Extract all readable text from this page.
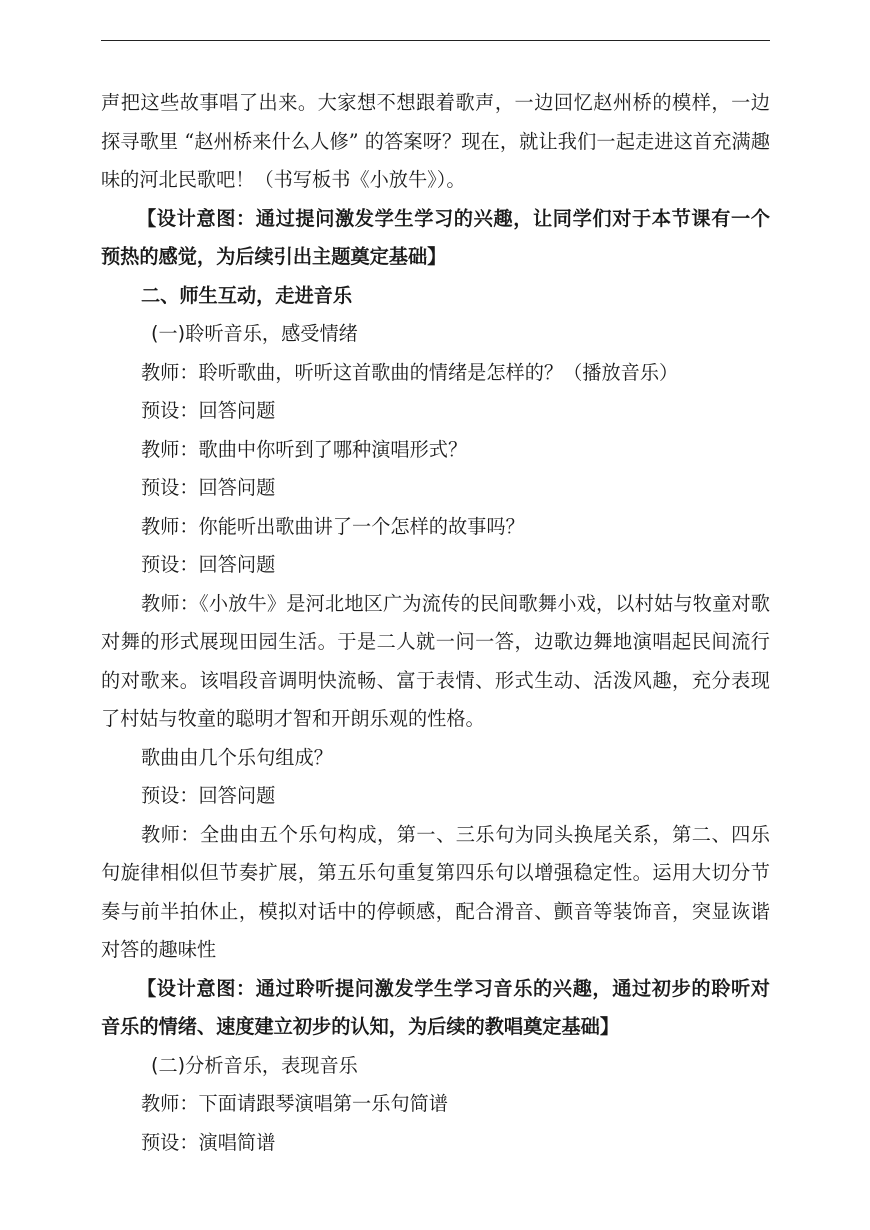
声把这些故事唱了出来。大家想不想跟着歌声，一边回忆赵州桥的模样，一边探寻歌里 “赵州桥来什么人修” 的答案呀？现在，就让我们一起走进这首充满趣味的河北民歌吧！（书写板书《小放牛》）。

【设计意图：通过提问激发学生学习的兴趣，让同学们对于本节课有一个预热的感觉，为后续引出主题奠定基础】

二、师生互动，走进音乐

(一)聆听音乐，感受情绪

教师：聆听歌曲，听听这首歌曲的情绪是怎样的？（播放音乐）

预设：回答问题

教师：歌曲中你听到了哪种演唱形式？

预设：回答问题

教师：你能听出歌曲讲了一个怎样的故事吗？

预设：回答问题

教师：《小放牛》是河北地区广为流传的民间歌舞小戏，以村姑与牧童对歌对舞的形式展现田园生活。于是二人就一问一答，边歌边舞地演唱起民间流行的对歌来。该唱段音调明快流畅、富于表情、形式生动、活泼风趣，充分表现了村姑与牧童的聪明才智和开朗乐观的性格。

歌曲由几个乐句组成？

预设：回答问题

教师：全曲由五个乐句构成，第一、三乐句为同头换尾关系，第二、四乐句旋律相似但节奏扩展，第五乐句重复第四乐句以增强稳定性。运用大切分节奏与前半拍休止，模拟对话中的停顿感，配合滑音、颤音等装饰音，突显诙谐对答的趣味性

【设计意图：通过聆听提问激发学生学习音乐的兴趣，通过初步的聆听对音乐的情绪、速度建立初步的认知，为后续的教唱奠定基础】

(二)分析音乐，表现音乐

教师：下面请跟琴演唱第一乐句简谱

预设：演唱简谱
